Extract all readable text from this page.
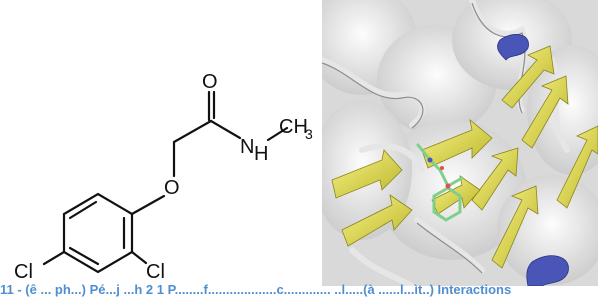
O
N H
CH
3
O
Cl	Cl
11 - (ê ... ph...) Pé...j ...h 2 1 P........f...................c............. ..l.....(à ......l...ìt..) Interactions
